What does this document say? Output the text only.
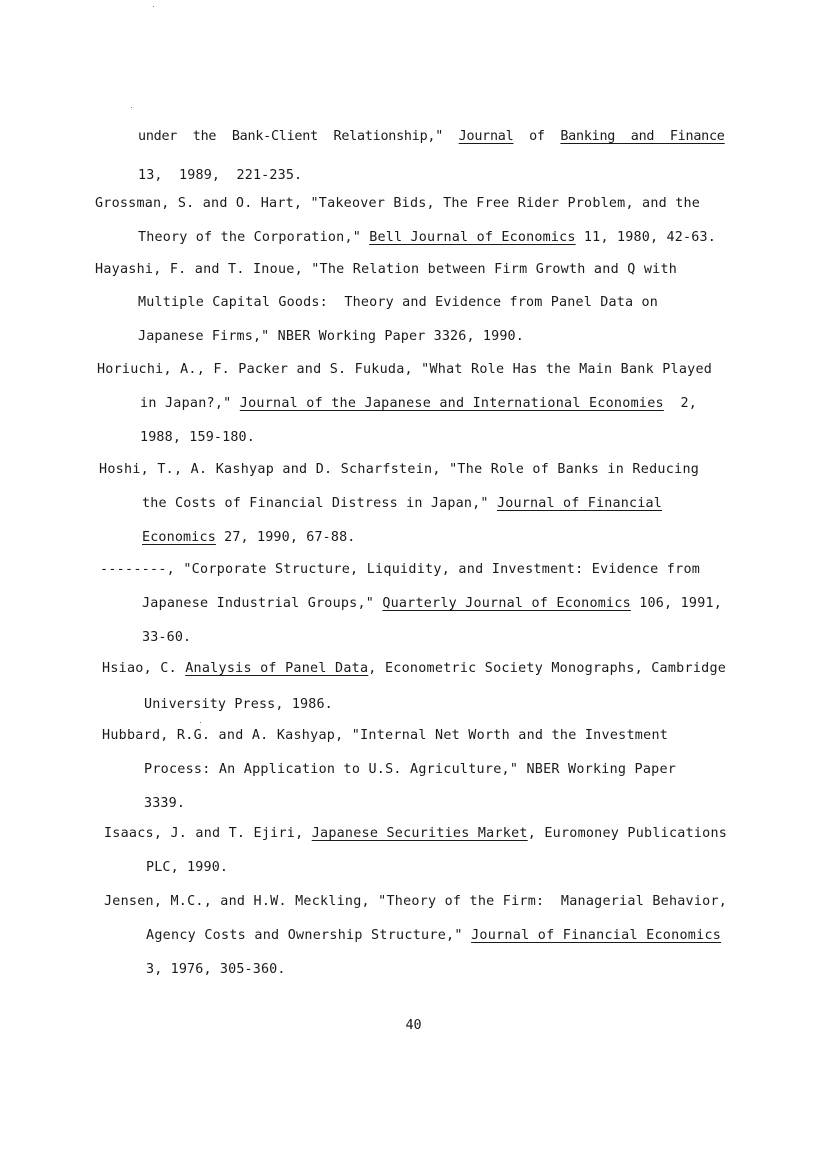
under  the  Bank-Client  Relationship,"  Journal  of  Banking  and  Finance
13,  1989,  221-235.
Grossman, S. and O. Hart, "Takeover Bids, The Free Rider Problem, and the
Theory of the Corporation," Bell Journal of Economics 11, 1980, 42-63.
Hayashi, F. and T. Inoue, "The Relation between Firm Growth and Q with
Multiple Capital Goods:  Theory and Evidence from Panel Data on
Japanese Firms," NBER Working Paper 3326, 1990.
Horiuchi, A., F. Packer and S. Fukuda, "What Role Has the Main Bank Played
in Japan?," Journal of the Japanese and International Economies  2,
1988, 159-180.
Hoshi, T., A. Kashyap and D. Scharfstein, "The Role of Banks in Reducing
the Costs of Financial Distress in Japan," Journal of Financial
Economics 27, 1990, 67-88.
--------, "Corporate Structure, Liquidity, and Investment: Evidence from
Japanese Industrial Groups," Quarterly Journal of Economics 106, 1991,
33-60.
Hsiao, C. Analysis of Panel Data, Econometric Society Monographs, Cambridge
University Press, 1986.
Hubbard, R.G. and A. Kashyap, "Internal Net Worth and the Investment
Process: An Application to U.S. Agriculture," NBER Working Paper
3339.
Isaacs, J. and T. Ejiri, Japanese Securities Market, Euromoney Publications
PLC, 1990.
Jensen, M.C., and H.W. Meckling, "Theory of the Firm:  Managerial Behavior,
Agency Costs and Ownership Structure," Journal of Financial Economics
3, 1976, 305-360.
40
